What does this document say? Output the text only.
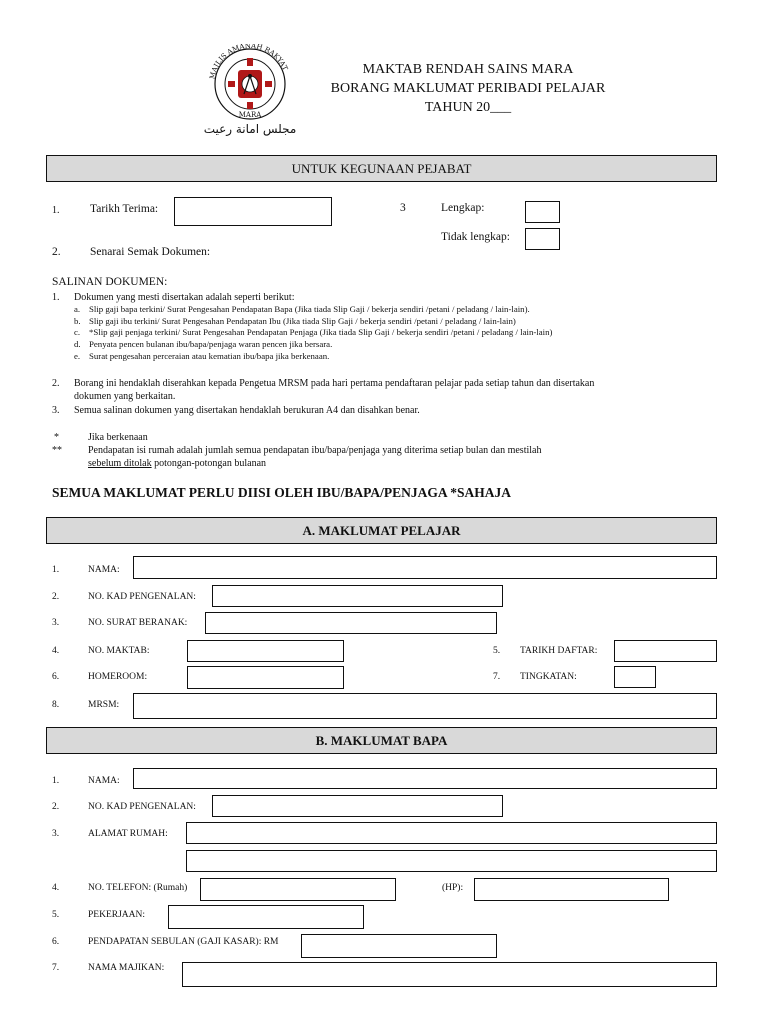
MAJLIS AMANAH RAKYAT
MARA
مجلس امانة رعيت
MAKTAB RENDAH SAINS MARA
BORANG MAKLUMAT PERIBADI PELAJAR
TAHUN 20___
UNTUK KEGUNAAN PEJABAT
1.	Tarikh Terima:	3	Lengkap:
Tidak lengkap:
2.	Senarai Semak Dokumen:
SALINAN DOKUMEN:
1. Dokumen yang mesti disertakan adalah seperti berikut:
a. Slip gaji bapa terkini/ Surat Pengesahan Pendapatan Bapa (Jika tiada Slip Gaji / bekerja sendiri /petani / peladang / lain-lain).
b. Slip gaji ibu terkini/ Surat Pengesahan Pendapatan Ibu (Jika tiada Slip Gaji / bekerja sendiri /petani / peladang / lain-lain)
c. *Slip gaji penjaga terkini/ Surat Pengesahan Pendapatan Penjaga (Jika tiada Slip Gaji / bekerja sendiri /petani / peladang / lain-lain)
d. Penyata pencen bulanan ibu/bapa/penjaga waran pencen jika bersara.
e. Surat pengesahan perceraian atau kematian ibu/bapa jika berkenaan.
2. Borang ini hendaklah diserahkan kepada Pengetua MRSM pada hari pertama pendaftaran pelajar pada setiap tahun dan disertakan
dokumen yang berkaitan.
3. Semua salinan dokumen yang disertakan hendaklah berukuran A4 dan disahkan benar.
*	Jika berkenaan
**	Pendapatan isi rumah adalah jumlah semua pendapatan ibu/bapa/penjaga yang diterima setiap bulan dan mestilah
sebelum ditolak potongan-potongan bulanan
SEMUA MAKLUMAT PERLU DIISI OLEH IBU/BAPA/PENJAGA *SAHAJA
A. MAKLUMAT PELAJAR
1.	NAMA:
2.	NO. KAD PENGENALAN:
3.	NO. SURAT BERANAK:
4.	NO. MAKTAB:	5. TARIKH DAFTAR:
6.	HOMEROOM:	7. TINGKATAN:
8.	MRSM:
B. MAKLUMAT BAPA
1.	NAMA:
2.	NO. KAD PENGENALAN:
3.	ALAMAT RUMAH:
4.	NO. TELEFON: (Rumah)	(HP):
5.	PEKERJAAN:
6.	PENDAPATAN SEBULAN (GAJI KASAR): RM
7.	NAMA MAJIKAN:
